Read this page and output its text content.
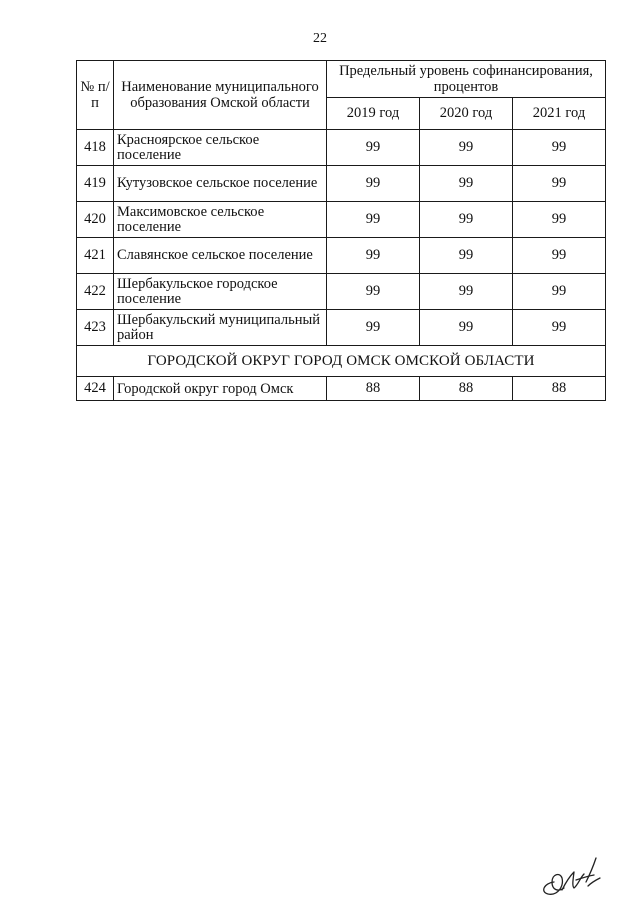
22
№ п/п	Наименование муниципального образования Омской области	Предельный уровень софинансирования, процентов		
		2019 год	2020 год	2021 год
418	Красноярское сельское поселение	99	99	99
419	Кутузовское сельское поселение	99	99	99
420	Максимовское сельское поселение	99	99	99
421	Славянское сельское поселение	99	99	99
422	Шербакульское городское поселение	99	99	99
423	Шербакульский муниципальный район	99	99	99
ГОРОДСКОЙ ОКРУГ ГОРОД ОМСК ОМСКОЙ ОБЛАСТИ				
424	Городской округ город Омск	88	88	88
